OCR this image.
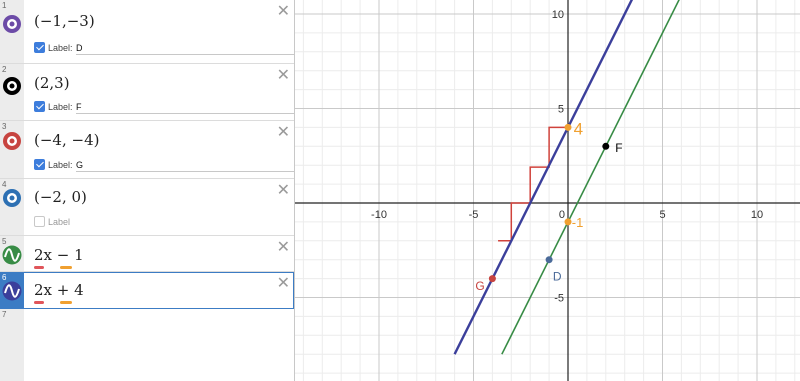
1	✕
(−1,−3)
Label: D
2	✕
(2,3)
Label: F
3	✕
(−4, −4)
Label: G
4	✕
(−2, 0)
Label
5	✕
2x − 1
6	✕
2x + 4
7
-10	-5	0	5	10
10
5
-5
4
-1
D
F
G
